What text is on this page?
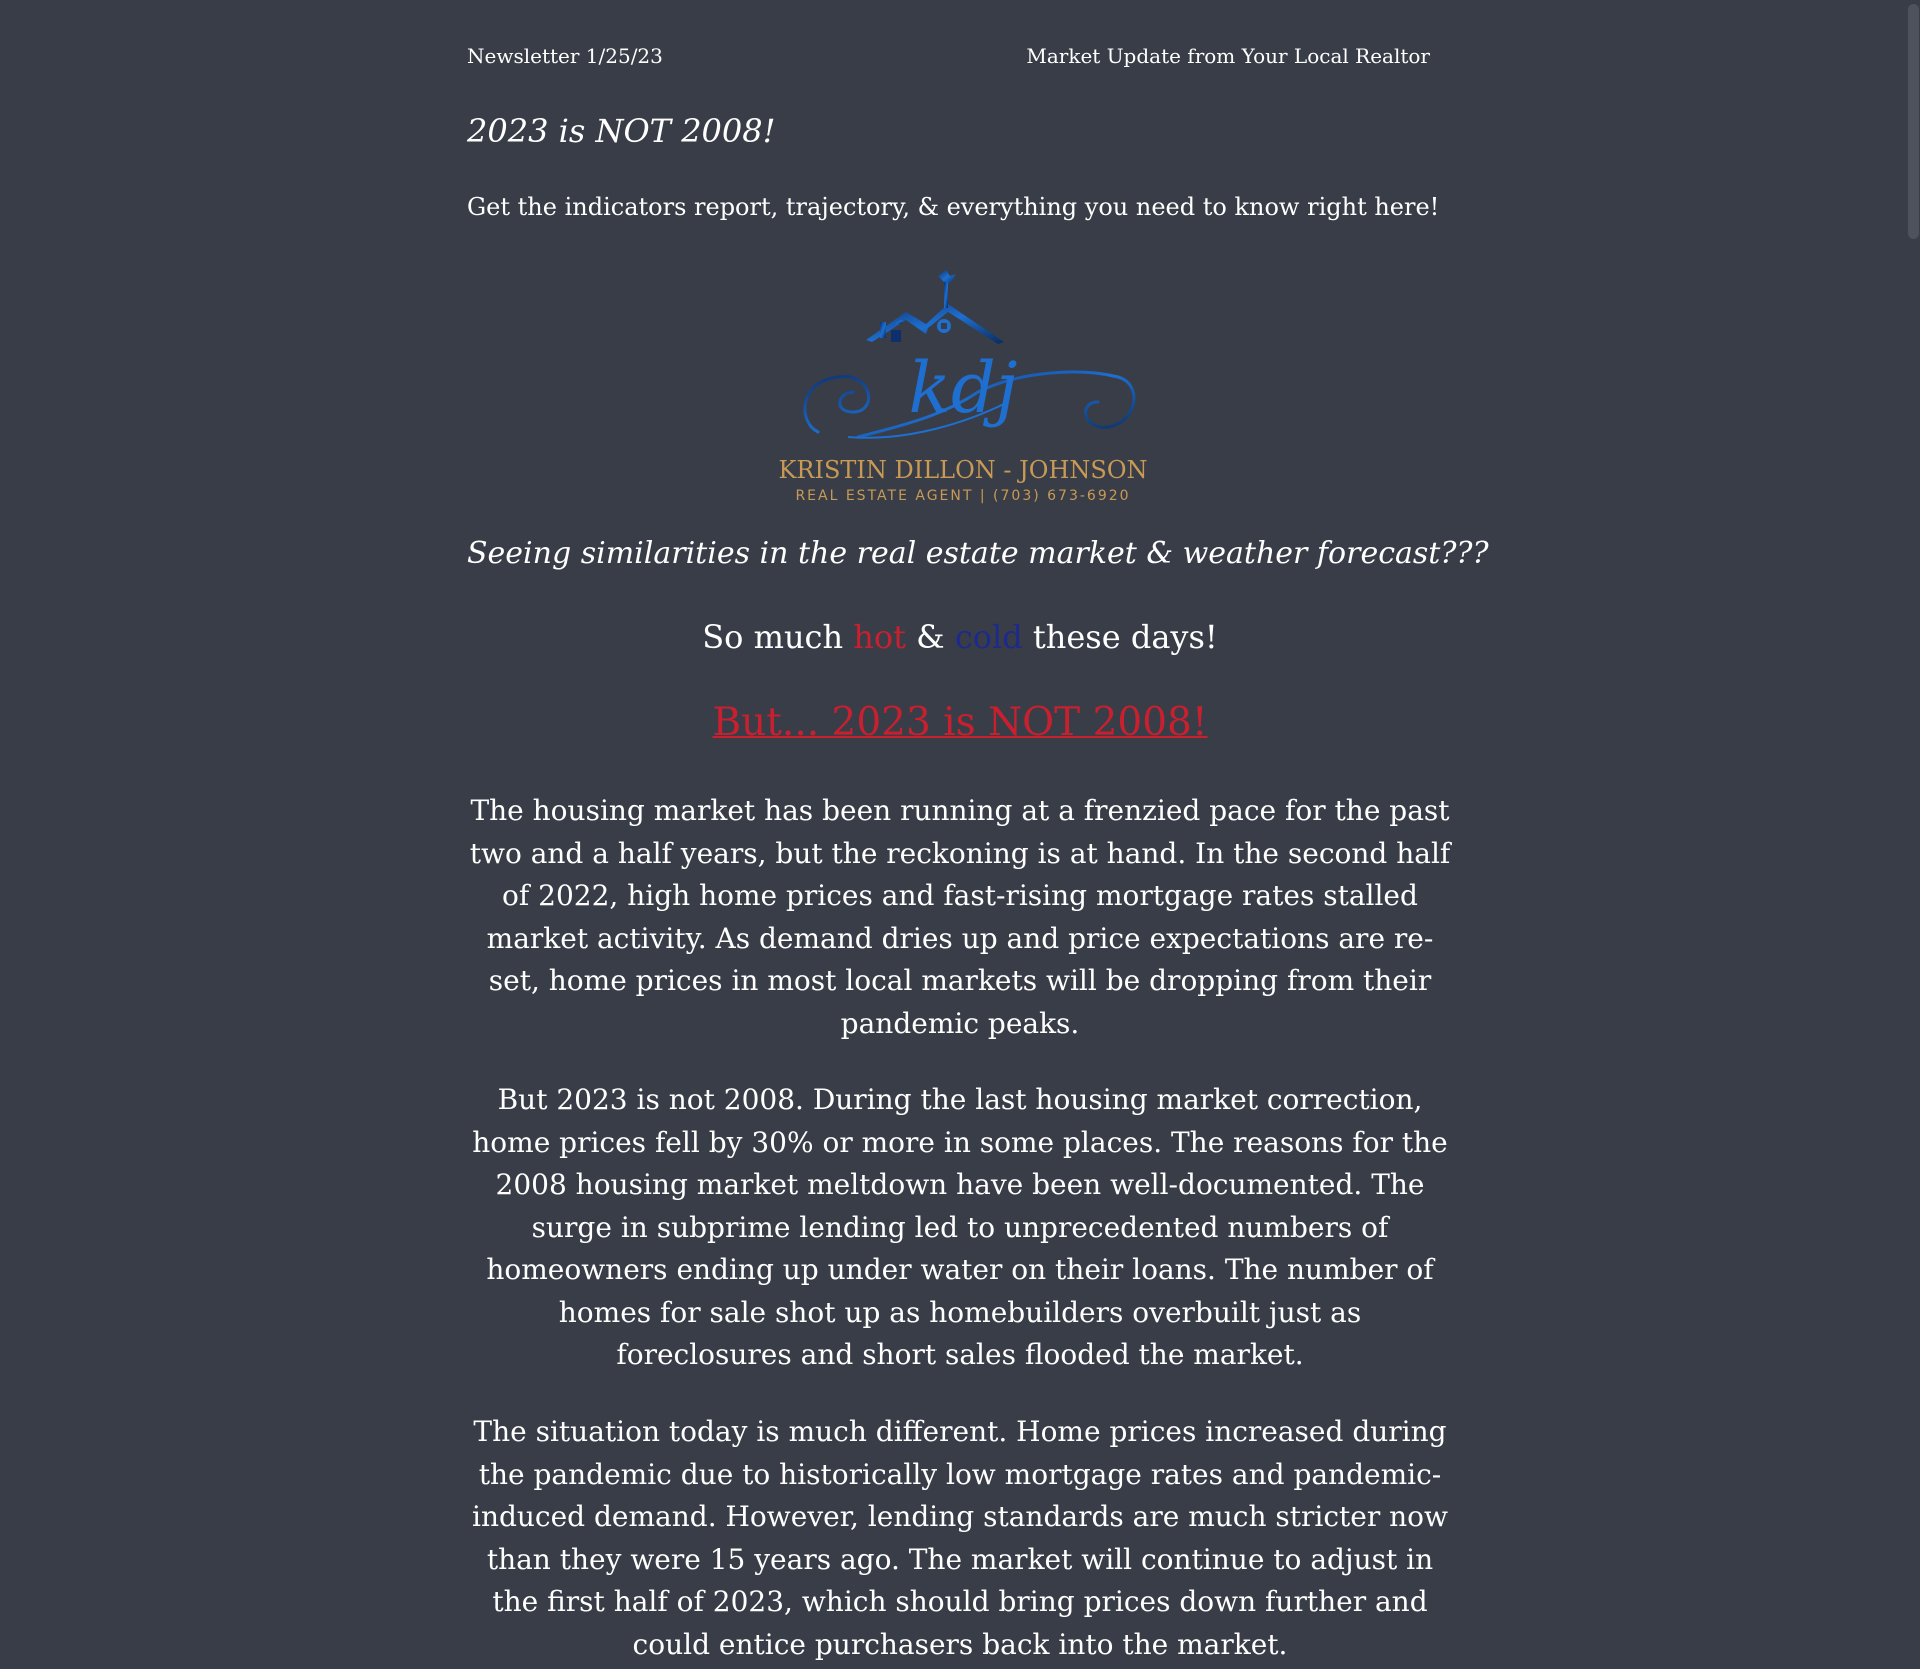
Newsletter 1/25/23	Market Update from Your Local Realtor
2023 is NOT 2008!
Get the indicators report, trajectory, & everything you need to know right here!
kdj
KRISTIN DILLON - JOHNSON
REAL ESTATE AGENT | (703) 673-6920
Seeing similarities in the real estate market & weather forecast???
So much hot & cold these days!
But... 2023 is NOT 2008!
The housing market has been running at a frenzied pace for the past two and a half years, but the reckoning is at hand. In the second half of 2022, high home prices and fast-rising mortgage rates stalled market activity. As demand dries up and price expectations are re-set, home prices in most local markets will be dropping from their pandemic peaks.
But 2023 is not 2008. During the last housing market correction, home prices fell by 30% or more in some places. The reasons for the 2008 housing market meltdown have been well-documented. The surge in subprime lending led to unprecedented numbers of homeowners ending up under water on their loans. The number of homes for sale shot up as homebuilders overbuilt just as foreclosures and short sales flooded the market.
The situation today is much different. Home prices increased during the pandemic due to historically low mortgage rates and pandemic-induced demand. However, lending standards are much stricter now than they were 15 years ago. The market will continue to adjust in the first half of 2023, which should bring prices down further and could entice purchasers back into the market.
